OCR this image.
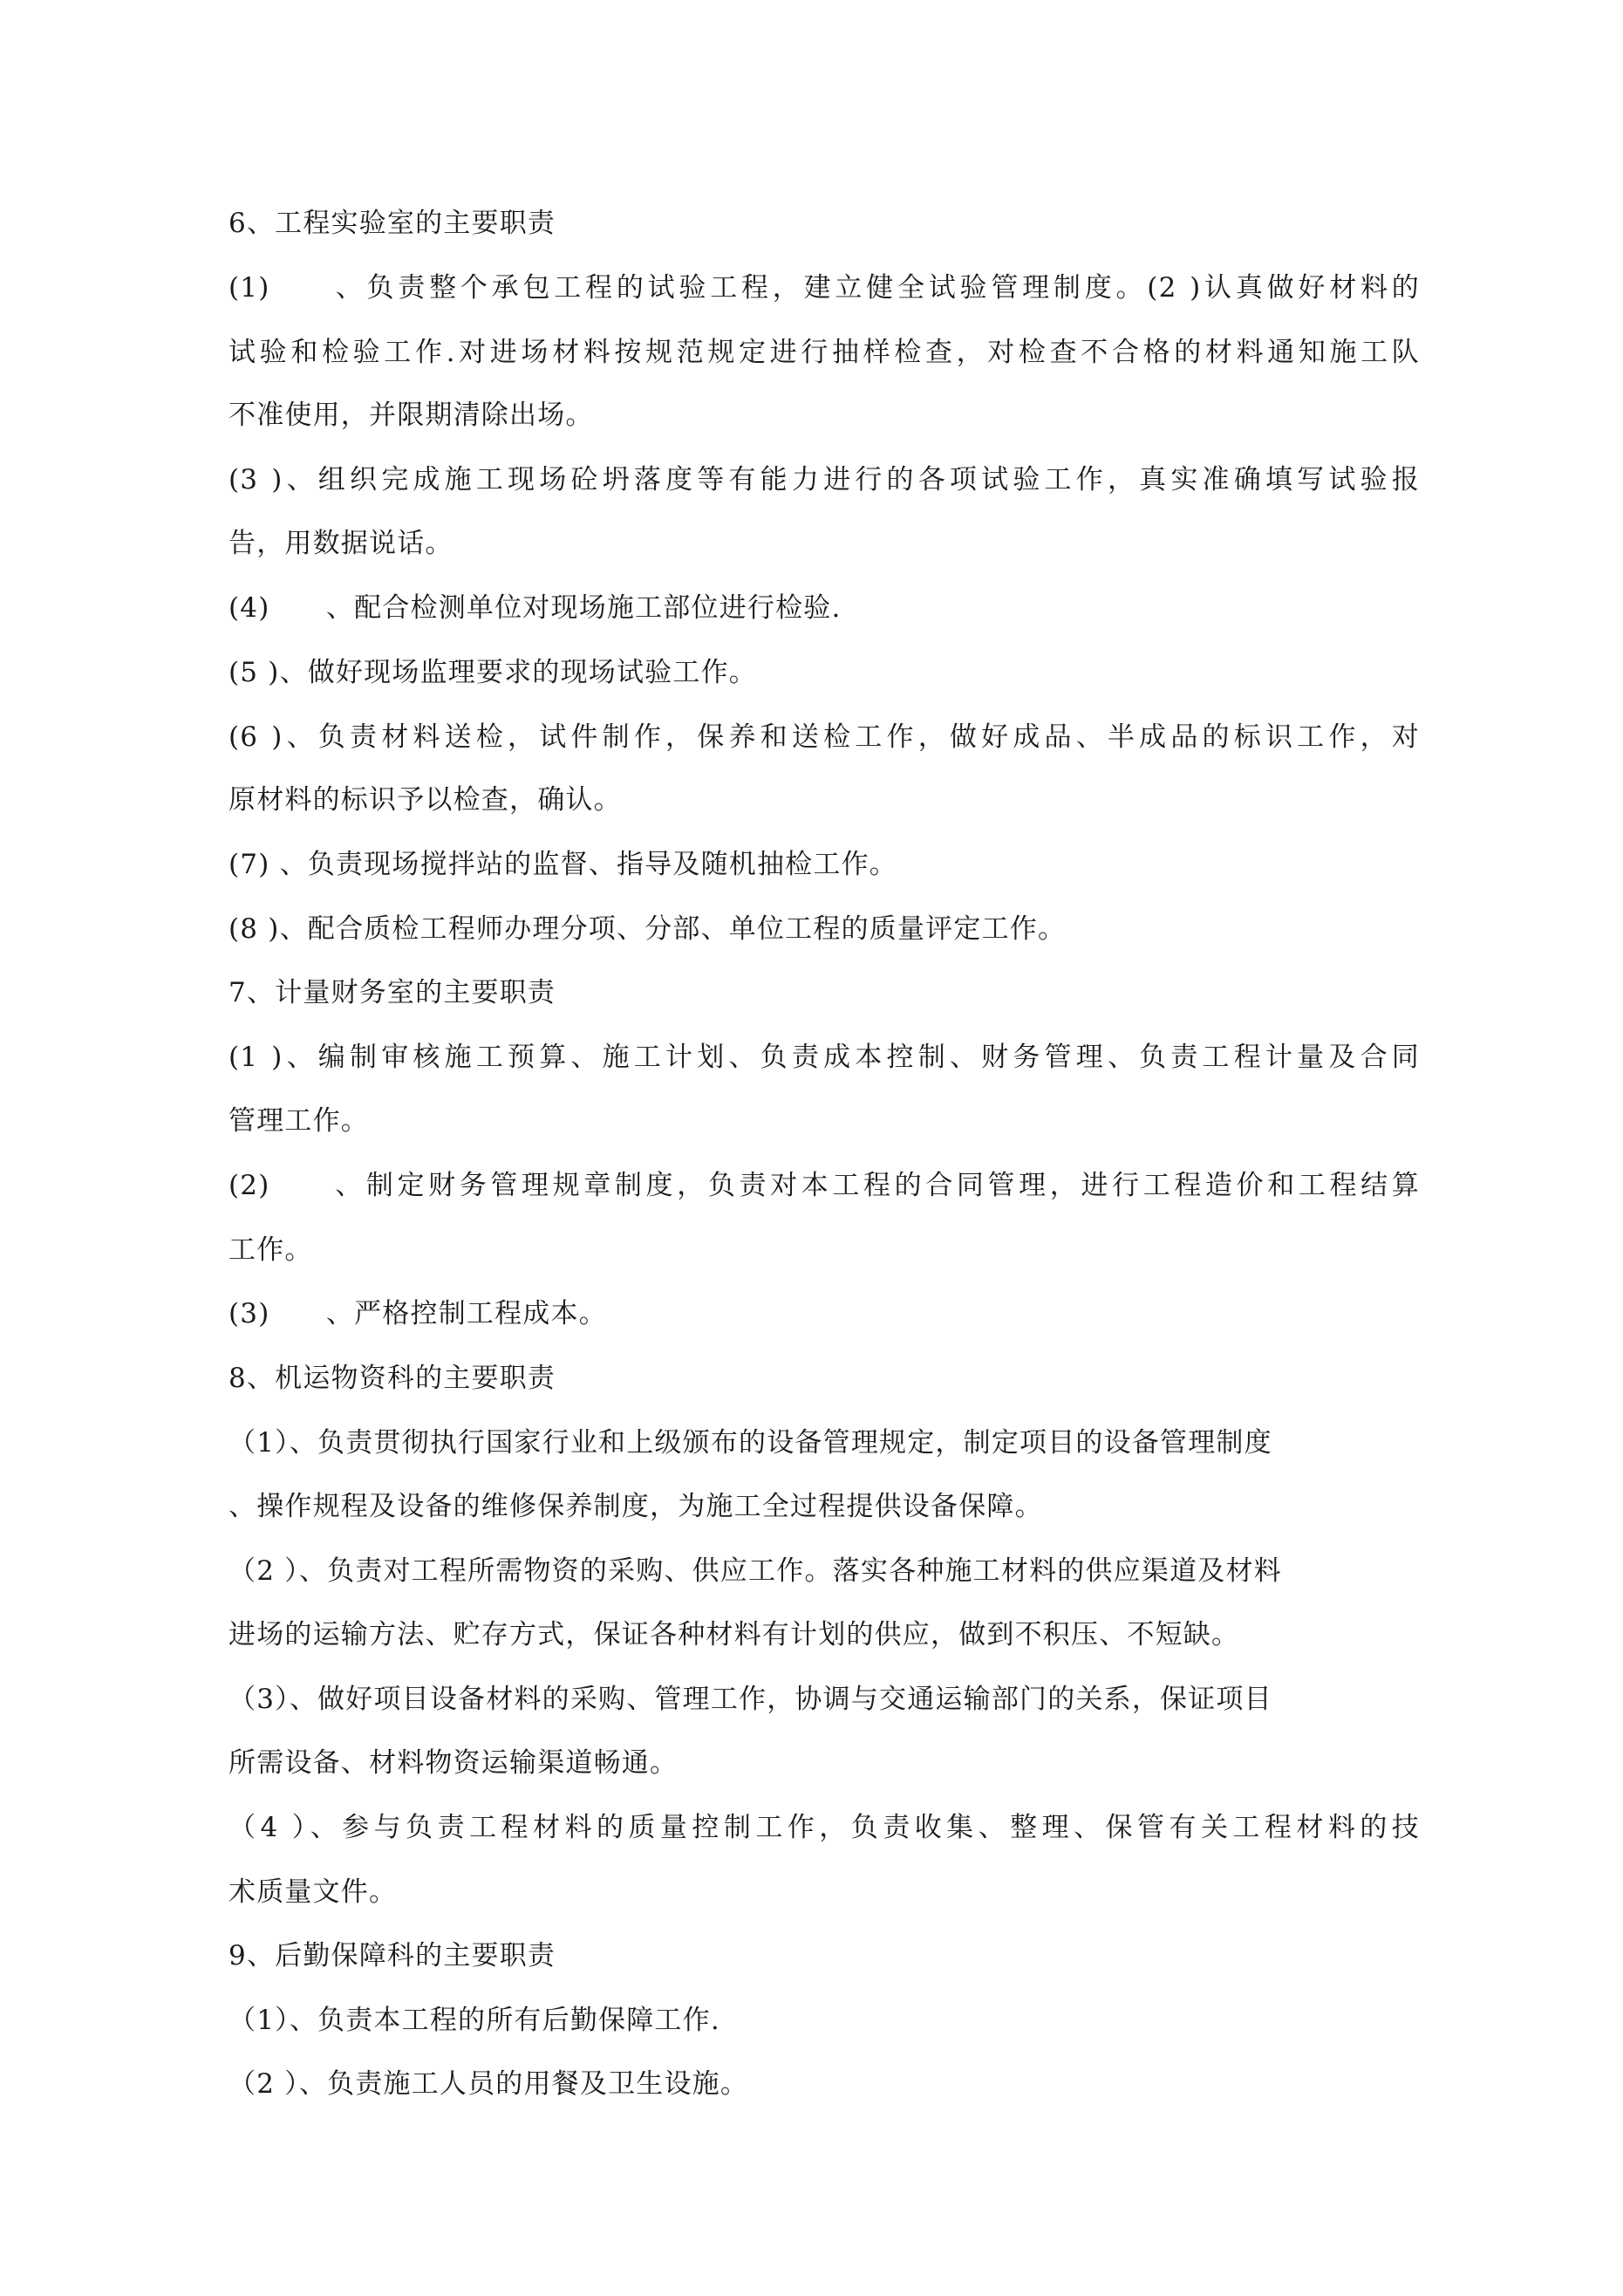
6、工程实验室的主要职责
(1)　　、负责整个承包工程的试验工程，建立健全试验管理制度。(2 )认真做好材料的
试验和检验工作.对进场材料按规范规定进行抽样检查，对检查不合格的材料通知施工队
不准使用，并限期清除出场。
(3 )、组织完成施工现场砼坍落度等有能力进行的各项试验工作，真实准确填写试验报
告，用数据说话。
(4)　　、配合检测单位对现场施工部位进行检验.
(5 )、做好现场监理要求的现场试验工作。
(6 )、负责材料送检，试件制作，保养和送检工作，做好成品、半成品的标识工作，对
原材料的标识予以检查，确认。
(7) 、负责现场搅拌站的监督、指导及随机抽检工作。
(8 )、配合质检工程师办理分项、分部、单位工程的质量评定工作。
7、计量财务室的主要职责
(1 )、编制审核施工预算、施工计划、负责成本控制、财务管理、负责工程计量及合同
管理工作。
(2)　　、制定财务管理规章制度，负责对本工程的合同管理，进行工程造价和工程结算
工作。
(3)　　、严格控制工程成本。
8、机运物资科的主要职责
（1）、负责贯彻执行国家行业和上级颁布的设备管理规定，制定项目的设备管理制度
、操作规程及设备的维修保养制度，为施工全过程提供设备保障。
（2 ）、负责对工程所需物资的采购、供应工作。落实各种施工材料的供应渠道及材料
进场的运输方法、贮存方式，保证各种材料有计划的供应，做到不积压、不短缺。
（3）、做好项目设备材料的采购、管理工作，协调与交通运输部门的关系，保证项目
所需设备、材料物资运输渠道畅通。
（4 ）、参与负责工程材料的质量控制工作，负责收集、整理、保管有关工程材料的技
术质量文件。
9、后勤保障科的主要职责
（1）、负责本工程的所有后勤保障工作.
（2 ）、负责施工人员的用餐及卫生设施。
